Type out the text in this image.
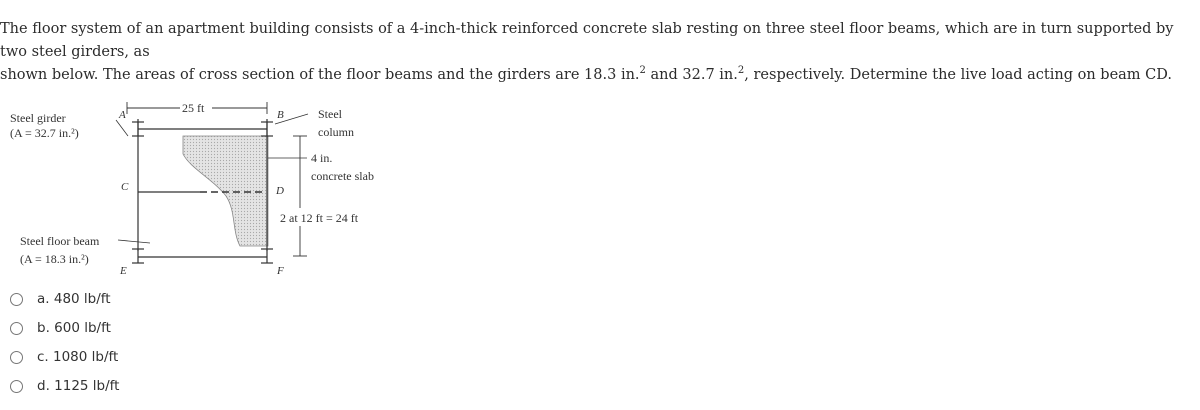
The floor system of an apartment building consists of a 4-inch-thick reinforced concrete slab resting on three steel floor beams, which are in turn supported by two steel girders, as
shown below. The areas of cross section of the floor beams and the girders are 18.3 in.$^2$ and 32.7 in.$^2$, respectively. Determine the live load acting on beam CD.
25 ft
2 at 12 ft = 24 ft
Steel girder
(A = 32.7 in.²)
Steel floor beam
(A = 18.3 in.²)
Steel
column
4 in.
concrete slab
A	B
C	D
E	F
a. 480 lb/ft
b. 600 lb/ft
c. 1080 lb/ft
d. 1125 lb/ft
